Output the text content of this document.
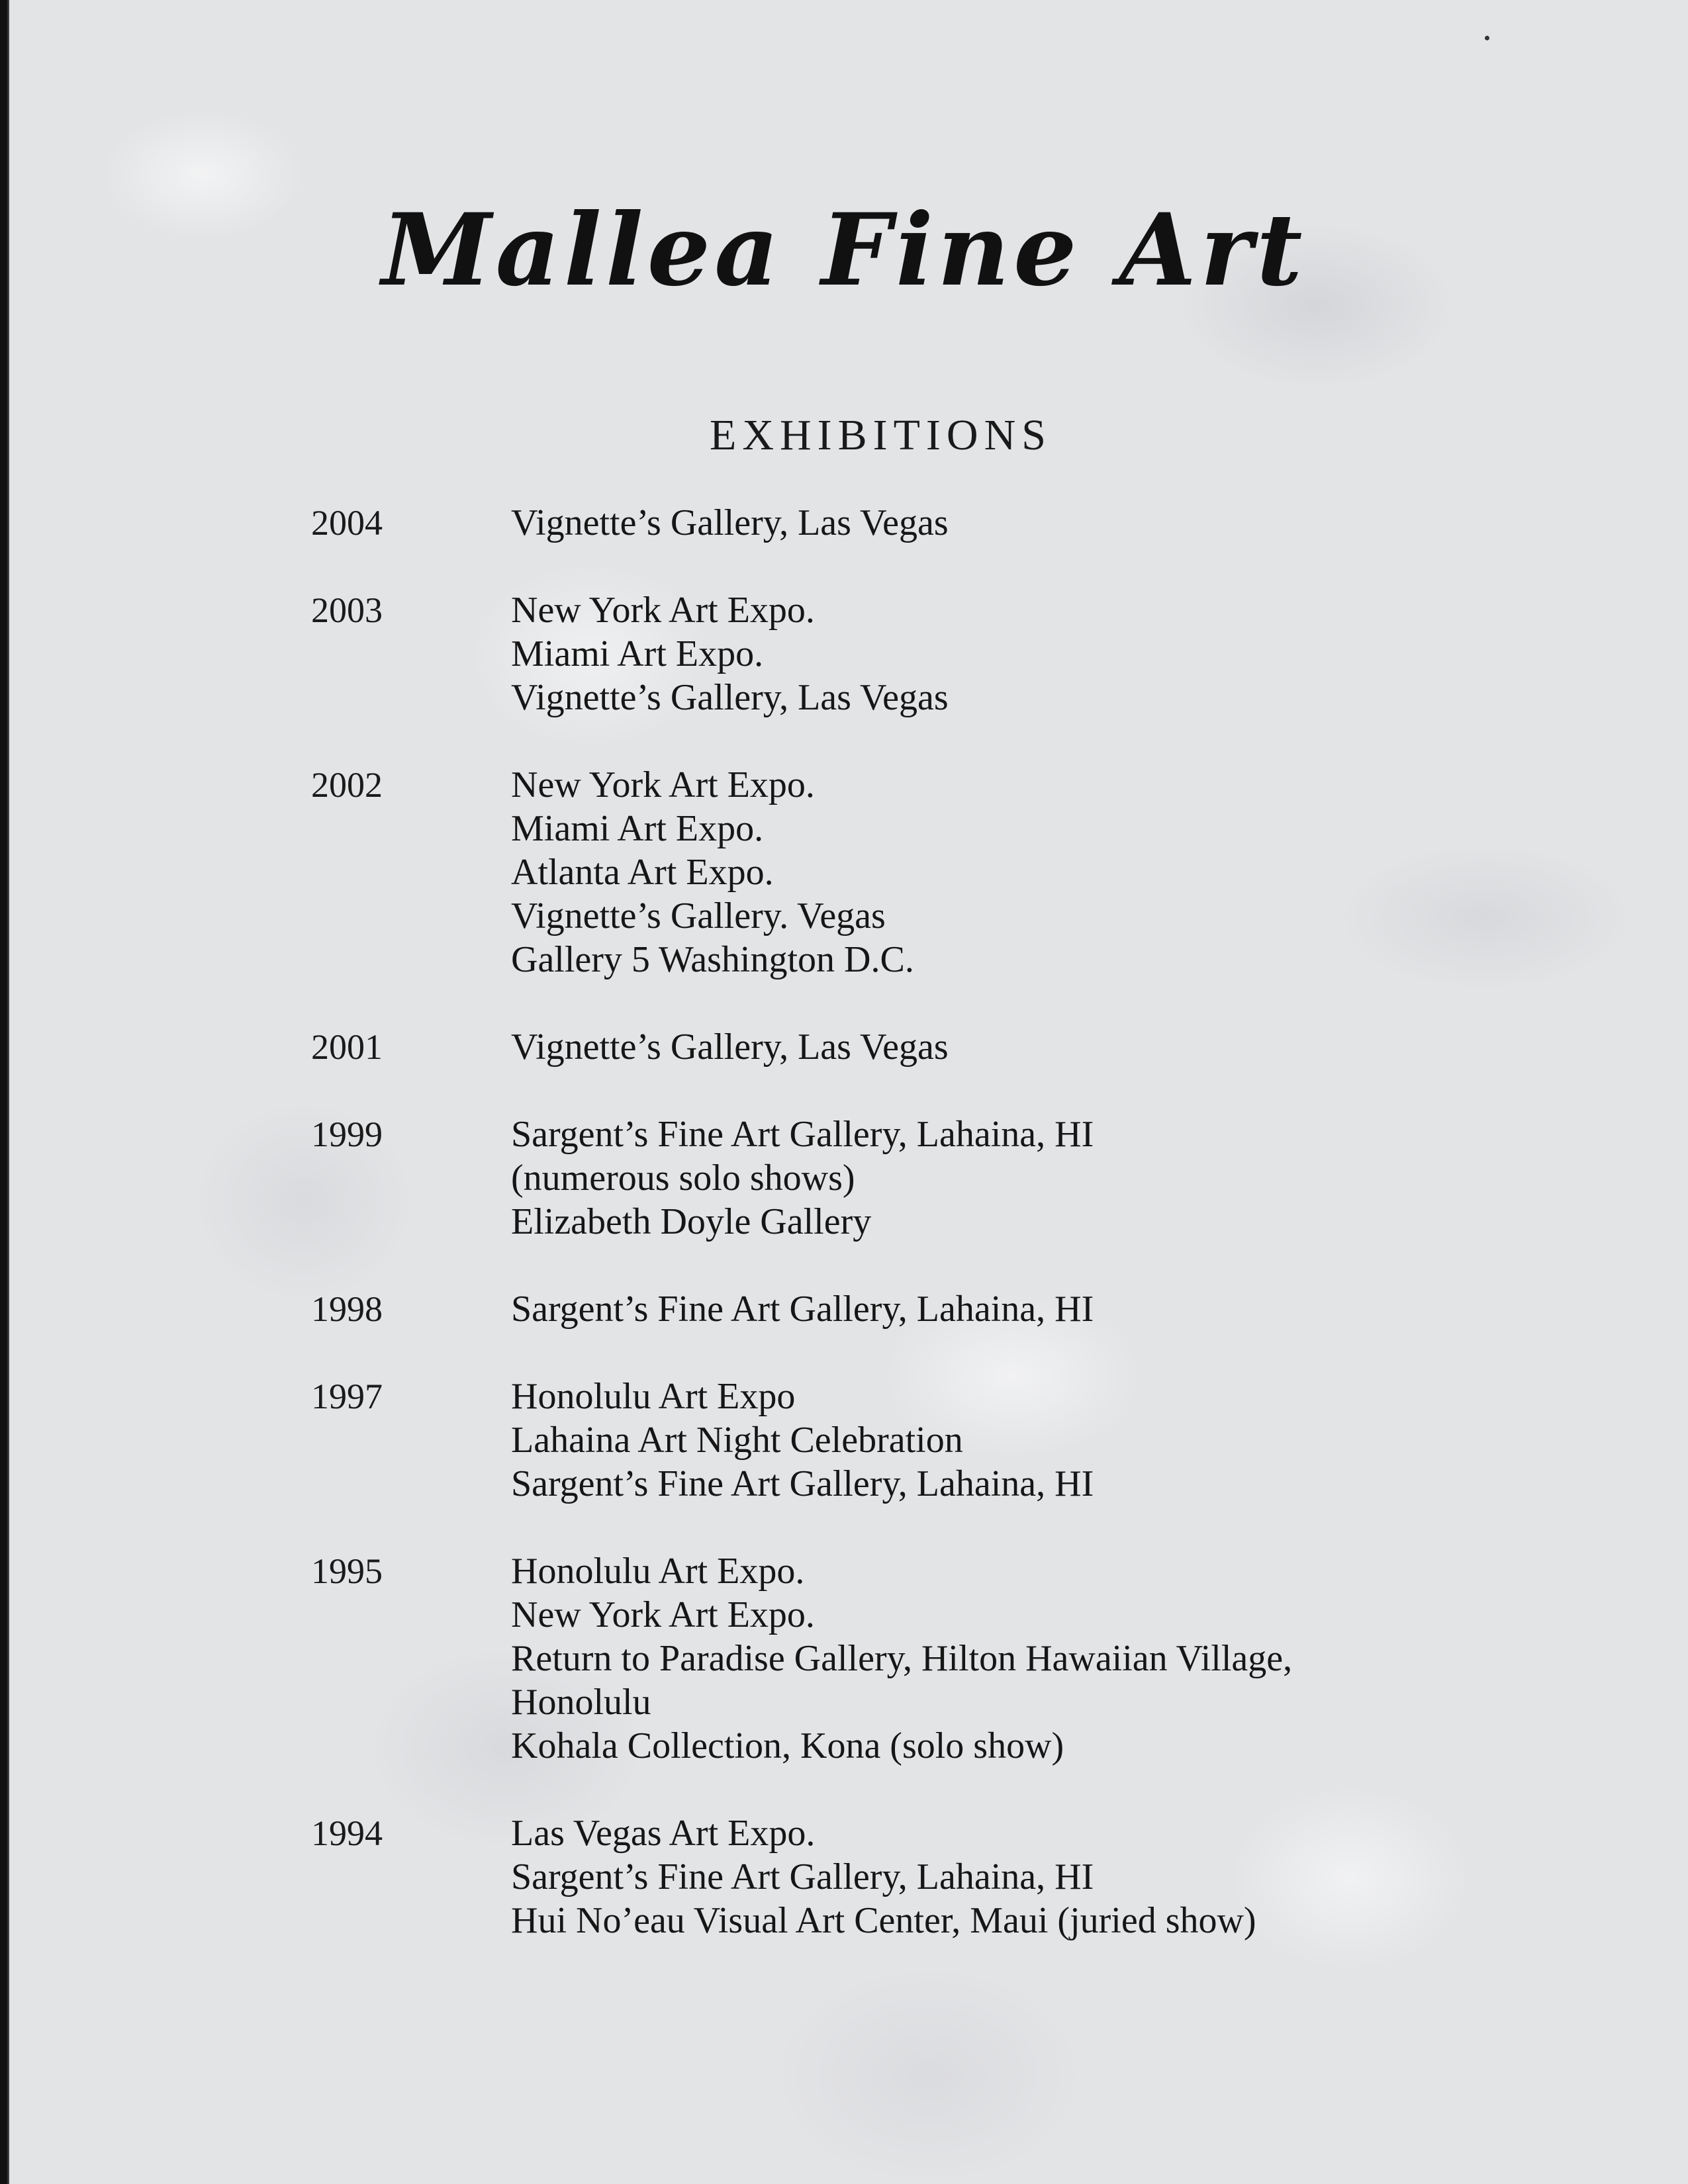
Mallea Fine Art
EXHIBITIONS
2004	Vignette’s Gallery, Las Vegas
2003	New York Art Expo.
Miami Art Expo.
Vignette’s Gallery, Las Vegas
2002	New York Art Expo.
Miami Art Expo.
Atlanta Art Expo.
Vignette’s Gallery. Vegas
Gallery 5 Washington D.C.
2001	Vignette’s Gallery, Las Vegas
1999	Sargent’s Fine Art Gallery, Lahaina, HI
(numerous solo shows)
Elizabeth Doyle Gallery
1998	Sargent’s Fine Art Gallery, Lahaina, HI
1997	Honolulu Art Expo
Lahaina Art Night Celebration
Sargent’s Fine Art Gallery, Lahaina, HI
1995	Honolulu Art Expo.
New York Art Expo.
Return to Paradise Gallery, Hilton Hawaiian Village,
Honolulu
Kohala Collection, Kona (solo show)
1994	Las Vegas Art Expo.
Sargent’s Fine Art Gallery, Lahaina, HI
Hui No’eau Visual Art Center, Maui (juried show)
